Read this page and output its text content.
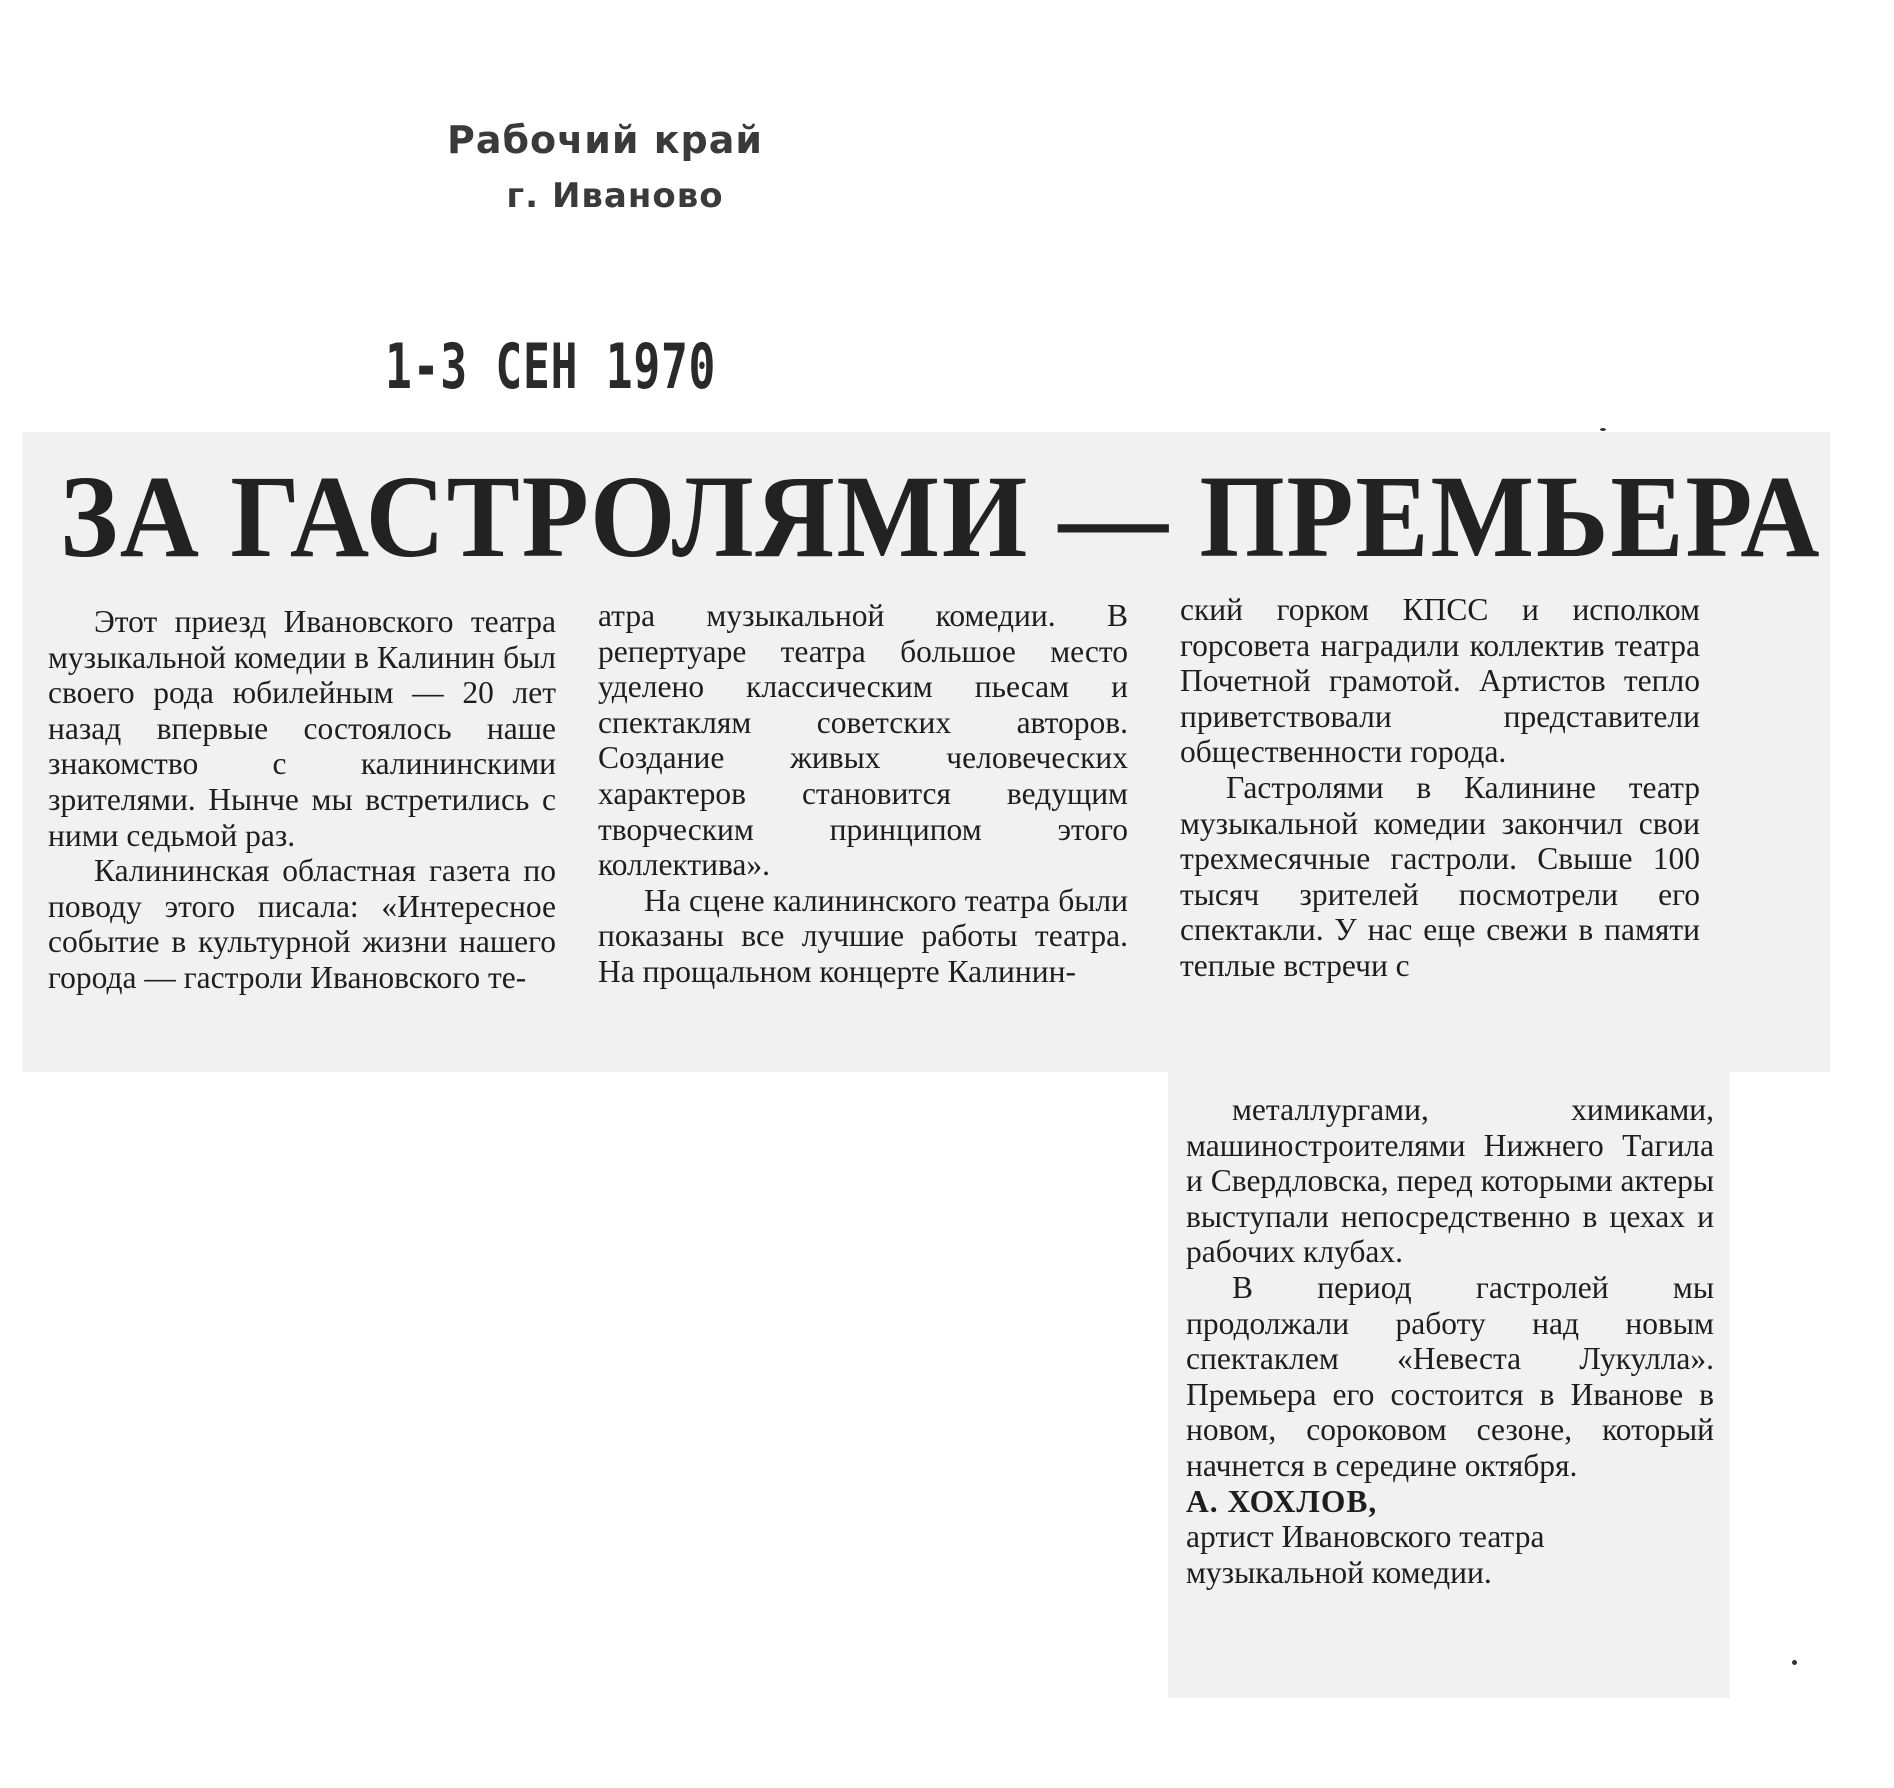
Рабочий край
г. Иваново
1-3 СЕН 1970
ЗА ГАСТРОЛЯМИ — ПРЕМЬЕРА

Этот приезд Ивановского театра музыкальной комедии в Калинин был своего рода юбилейным — 20 лет назад впервые состоялось наше знакомство с калининскими зрителями. Нынче мы встретились с ними седьмой раз.

Калининская областная газета по поводу этого писала: «Интересное событие в культурной жизни нашего города — гастроли Ивановского те-

атра музыкальной комедии. В репертуаре театра большое место уделено классическим пьесам и спектаклям советских авторов. Создание живых человеческих характеров становится ведущим творческим принципом этого коллектива».

На сцене калининского театра были показаны все лучшие работы театра. На прощальном концерте Калинин-

ский горком КПСС и исполком горсовета наградили коллектив театра Почетной грамотой. Артистов тепло приветствовали представители общественности города.

Гастролями в Калинине театр музыкальной комедии закончил свои трехмесячные гастроли. Свыше 100 тысяч зрителей посмотрели его спектакли. У нас еще свежи в памяти теплые встречи с

металлургами, химиками, машиностроителями Нижнего Тагила и Свердловска, перед которыми актеры выступали непосредственно в цехах и рабочих клубах.

В период гастролей мы продолжали работу над новым спектаклем «Невеста Лукулла». Премьера его состоится в Иванове в новом, сороковом сезоне, который начнется в середине октября.

А. ХОХЛОВ,

артист Ивановского театра

музыкальной комедии.
